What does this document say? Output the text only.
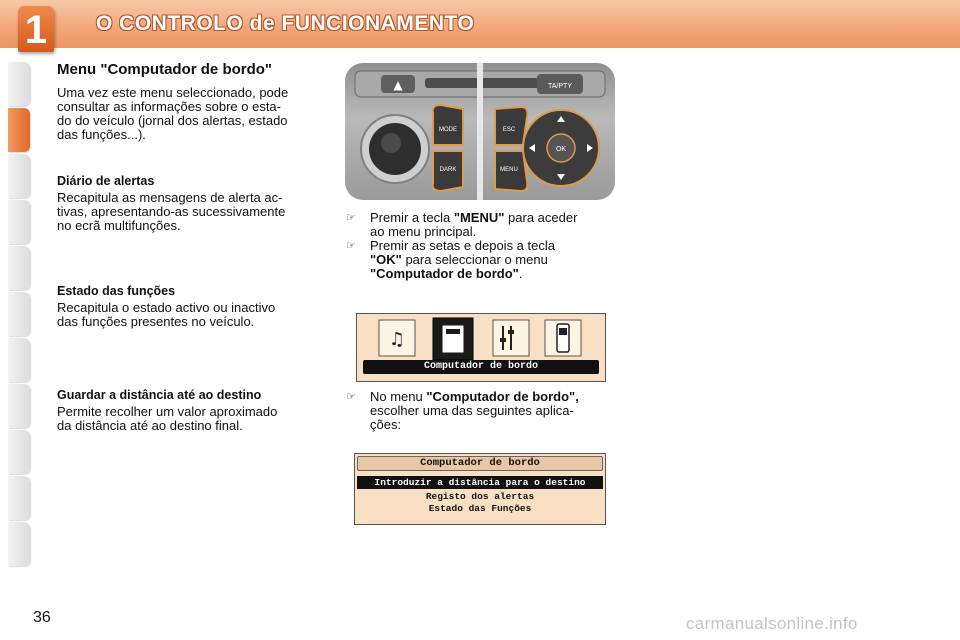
1	O CONTROLO de FUNCIONAMENTO
Menu "Computador de bordo"
Uma vez este menu seleccionado, pode
consultar as informações sobre o esta-
do do veículo (jornal dos alertas, estado
das funções...).
Diário de alertas
Recapitula as mensagens de alerta ac-
tivas, apresentando-as sucessivamente
no ecrã multifunções.
Estado das funções
Recapitula o estado activo ou inactivo
das funções presentes no veículo.
Guardar a distância até ao destino
Permite recolher um valor aproximado
da distância até ao destino final.
▲	TA/PTY
MODE
DARK
ESC
MENU
OK
☞ Premir a tecla "MENU" para aceder
ao menu principal.
☞ Premir as setas e depois a tecla
"OK" para seleccionar o menu
"Computador de bordo".
♫
Computador de bordo
☞ No menu "Computador de bordo",
escolher uma das seguintes aplica-
ções:
Computador de bordo
Introduzir a distância para o destino
Registo dos alertas
Estado das Funções
36	carmanualsonline.info
